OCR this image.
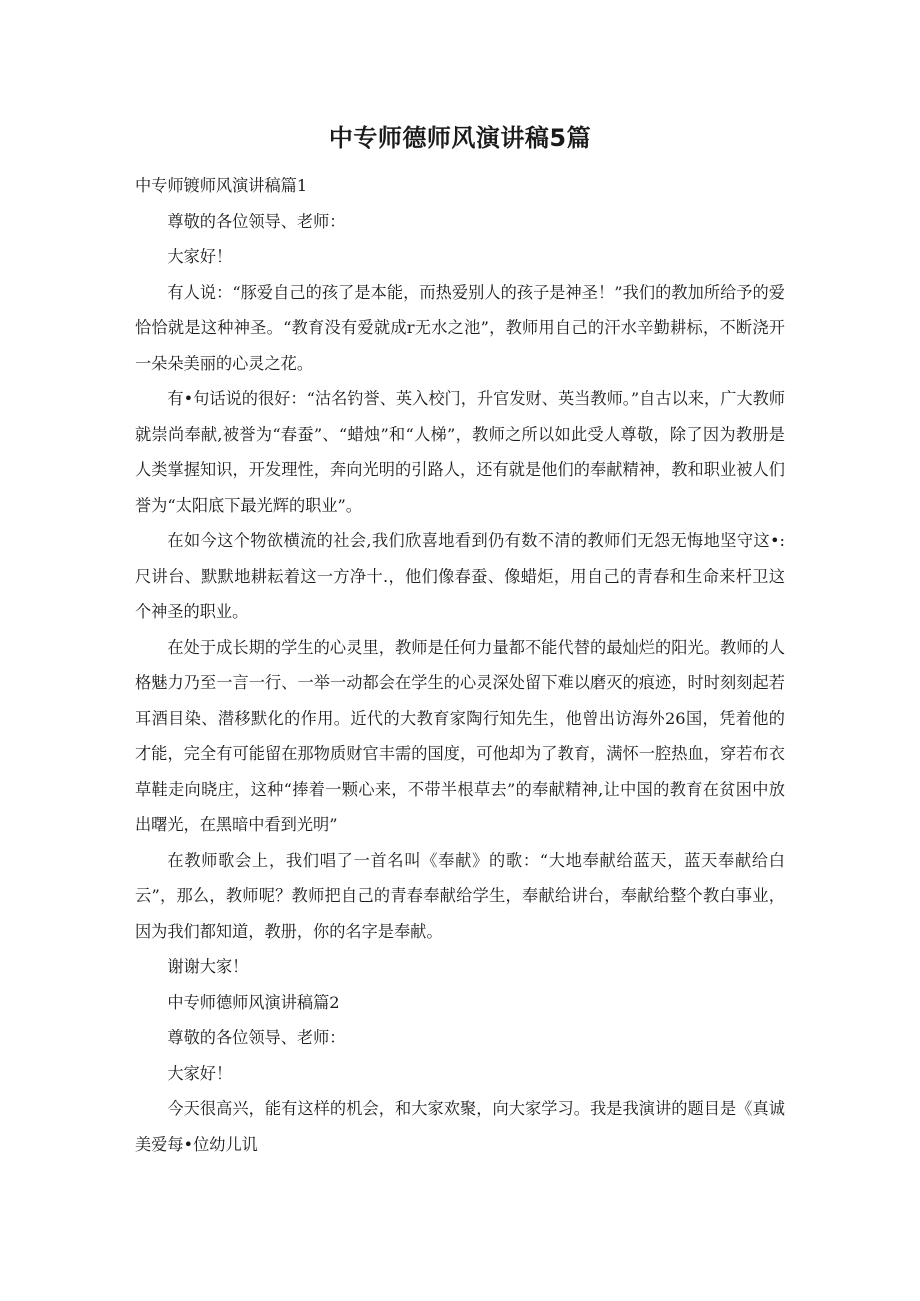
中专师德师风演讲稿5篇

中专师镀师风演讲稿篇1

尊敬的各位领导、老师：

大家好！

有人说：“豚爱自己的孩了是本能，而热爱别人的孩子是神圣！”我们的教加所给予的爱恰恰就是这种神圣。“教育没有爱就成r无水之池”，教师用自己的汗水辛勤耕标，不断浇开一朵朵美丽的心灵之花。

有•句话说的很好：“沽名钓誉、英入校门，升官发财、英当教师。”自古以来，广大教师就崇尚奉献,被誉为“春蚕”、“蜡烛”和“人梯”，教师之所以如此受人尊敬，除了因为教册是人类掌握知识，开发理性，奔向光明的引路人，还有就是他们的奉献精神，教和职业被人们誉为“太阳底下最光辉的职业”。

在如今这个物欲横流的社会,我们欣喜地看到仍有数不清的教师们无怨无悔地坚守这•:尺讲台、默默地耕耘着这一方净十.，他们像春蚕、像蜡炬，用自己的青春和生命来杆卫这个神圣的职业。

在处于成长期的学生的心灵里，教师是任何力量都不能代替的最灿烂的阳光。教师的人格魅力乃至一言一行、一举一动都会在学生的心灵深处留下难以磨灭的痕迹，时时刻刻起若耳酒目染、潜移默化的作用。近代的大教育家陶行知先生，他曾出访海外26国，凭着他的才能，完全有可能留在那物质财官丰需的国度，可他却为了教育，满怀一腔热血，穿若布衣草鞋走向晓庄，这种“捧着一颗心来，不带半根草去”的奉献精神,让中国的教育在贫困中放出曙光，在黑暗中看到光明”

在教师歌会上，我们唱了一首名叫《奉献》的歌：“大地奉献给蓝天，蓝天奉献给白云”，那么，教师呢？教师把自己的青春奉献给学生，奉献给讲台，奉献给整个教白事业，因为我们都知道，教册，你的名字是奉献。

谢谢大家！

中专师德师风演讲稿篇2

尊敬的各位领导、老师：

大家好！

今天很高兴，能有这样的机会，和大家欢聚，向大家学习。我是我演讲的题目是《真诚美爱每•位幼儿讥
